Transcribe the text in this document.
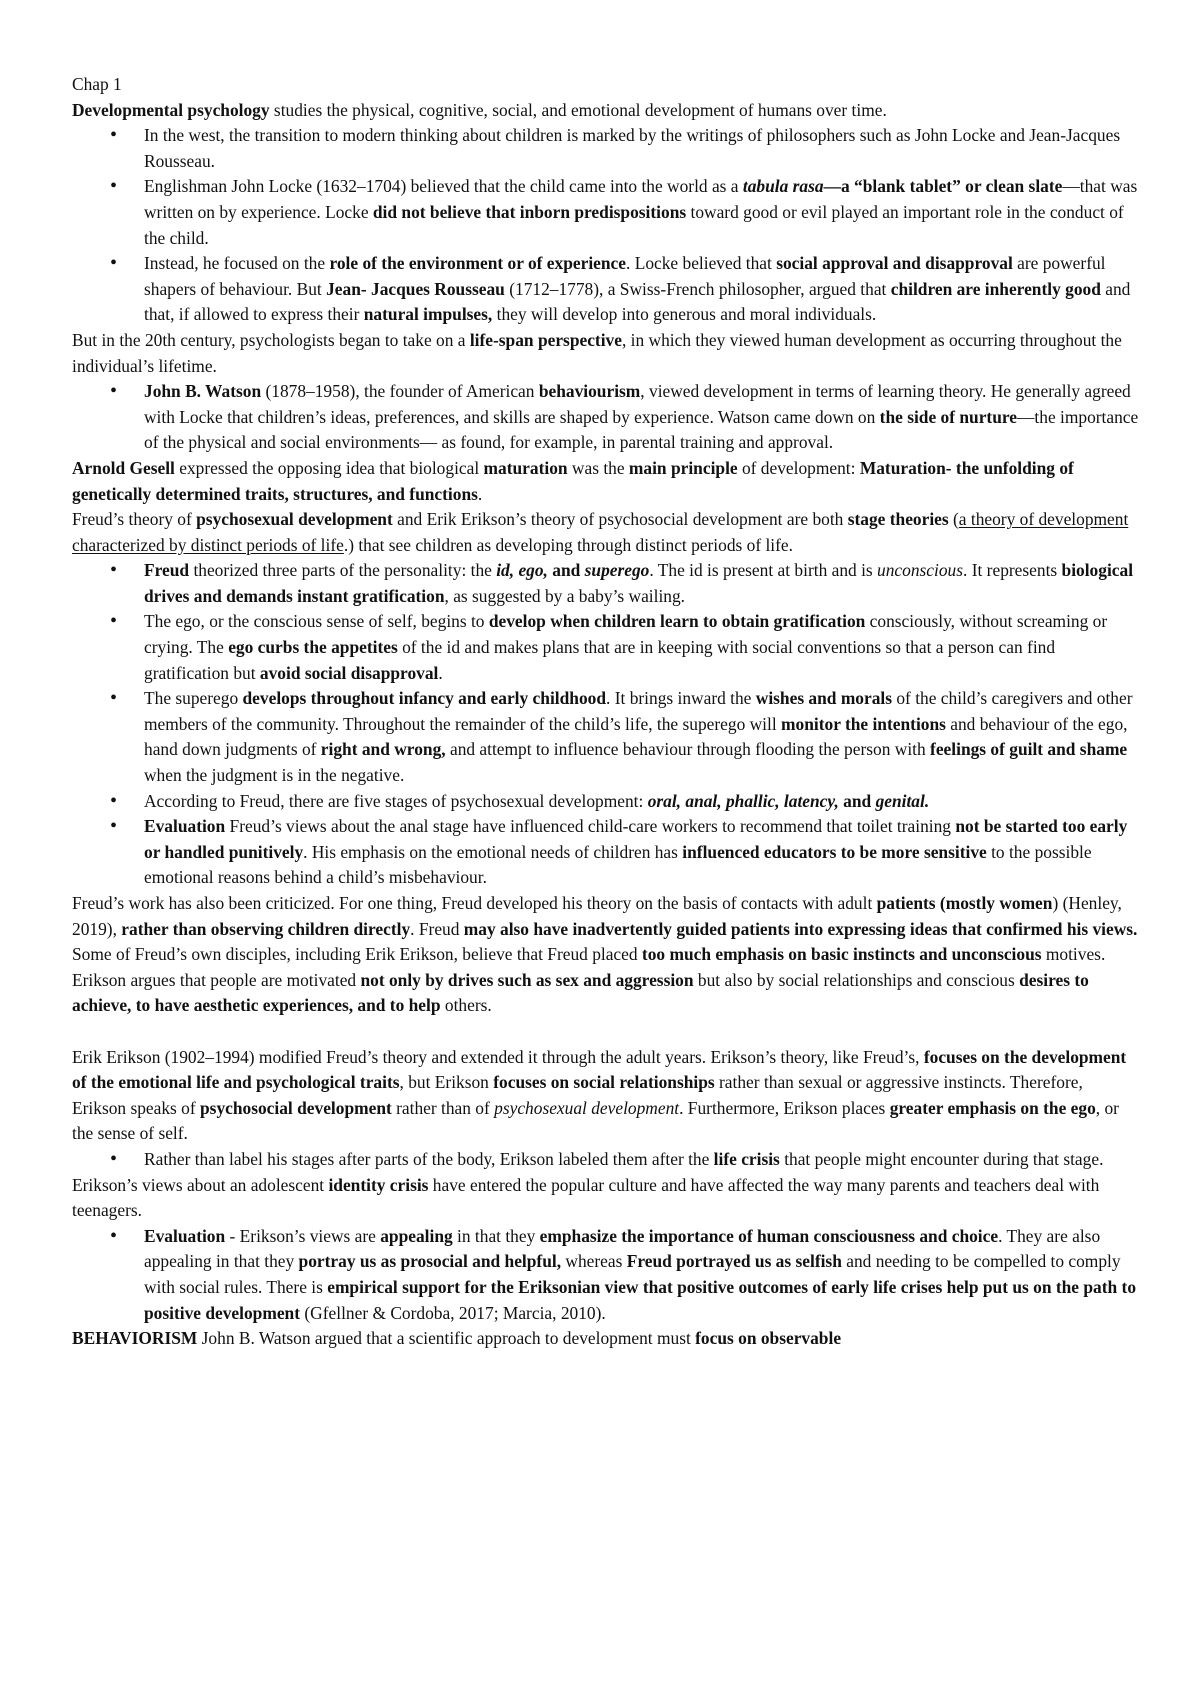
Chap 1

Developmental psychology studies the physical, cognitive, social, and emotional development of humans over time.

• In the west, the transition to modern thinking about children is marked by the writings of philosophers such as John Locke and Jean-Jacques Rousseau.
• Englishman John Locke (1632–1704) believed that the child came into the world as a tabula rasa—a “blank tablet” or clean slate—that was written on by experience. Locke did not believe that inborn predispositions toward good or evil played an important role in the conduct of the child.
• Instead, he focused on the role of the environment or of experience. Locke believed that social approval and disapproval are powerful shapers of behaviour. But Jean- Jacques Rousseau (1712–1778), a Swiss-French philosopher, argued that children are inherently good and that, if allowed to express their natural impulses, they will develop into generous and moral individuals.

But in the 20th century, psychologists began to take on a life-span perspective, in which they viewed human development as occurring throughout the individual’s lifetime.

• John B. Watson (1878–1958), the founder of American behaviourism, viewed development in terms of learning theory. He generally agreed with Locke that children’s ideas, preferences, and skills are shaped by experience. Watson came down on the side of nurture—the importance of the physical and social environments— as found, for example, in parental training and approval.

Arnold Gesell expressed the opposing idea that biological maturation was the main principle of development: Maturation- the unfolding of genetically determined traits, structures, and functions.

Freud’s theory of psychosexual development and Erik Erikson’s theory of psychosocial development are both stage theories (a theory of development characterized by distinct periods of life.) that see children as developing through distinct periods of life.

• Freud theorized three parts of the personality: the id, ego, and superego. The id is present at birth and is unconscious. It represents biological drives and demands instant gratification, as suggested by a baby’s wailing.
• The ego, or the conscious sense of self, begins to develop when children learn to obtain gratification consciously, without screaming or crying. The ego curbs the appetites of the id and makes plans that are in keeping with social conventions so that a person can find gratification but avoid social disapproval.
• The superego develops throughout infancy and early childhood. It brings inward the wishes and morals of the child’s caregivers and other members of the community. Throughout the remainder of the child’s life, the superego will monitor the intentions and behaviour of the ego, hand down judgments of right and wrong, and attempt to influence behaviour through flooding the person with feelings of guilt and shame when the judgment is in the negative.
• According to Freud, there are five stages of psychosexual development: oral, anal, phallic, latency, and genital.
• Evaluation Freud’s views about the anal stage have influenced child-care workers to recommend that toilet training not be started too early or handled punitively. His emphasis on the emotional needs of children has influenced educators to be more sensitive to the possible emotional reasons behind a child’s misbehaviour.

Freud’s work has also been criticized. For one thing, Freud developed his theory on the basis of contacts with adult patients (mostly women) (Henley, 2019), rather than observing children directly. Freud may also have inadvertently guided patients into expressing ideas that confirmed his views. Some of Freud’s own disciples, including Erik Erikson, believe that Freud placed too much emphasis on basic instincts and unconscious motives. Erikson argues that people are motivated not only by drives such as sex and aggression but also by social relationships and conscious desires to achieve, to have aesthetic experiences, and to help others.

Erik Erikson (1902–1994) modified Freud’s theory and extended it through the adult years. Erikson’s theory, like Freud’s, focuses on the development of the emotional life and psychological traits, but Erikson focuses on social relationships rather than sexual or aggressive instincts. Therefore, Erikson speaks of psychosocial development rather than of psychosexual development. Furthermore, Erikson places greater emphasis on the ego, or the sense of self.

• Rather than label his stages after parts of the body, Erikson labeled them after the life crisis that people might encounter during that stage.

Erikson’s views about an adolescent identity crisis have entered the popular culture and have affected the way many parents and teachers deal with teenagers.

• Evaluation - Erikson’s views are appealing in that they emphasize the importance of human consciousness and choice. They are also appealing in that they portray us as prosocial and helpful, whereas Freud portrayed us as selfish and needing to be compelled to comply with social rules. There is empirical support for the Eriksonian view that positive outcomes of early life crises help put us on the path to positive development (Gfellner & Cordoba, 2017; Marcia, 2010).

BEHAVIORISM John B. Watson argued that a scientific approach to development must focus on observable
